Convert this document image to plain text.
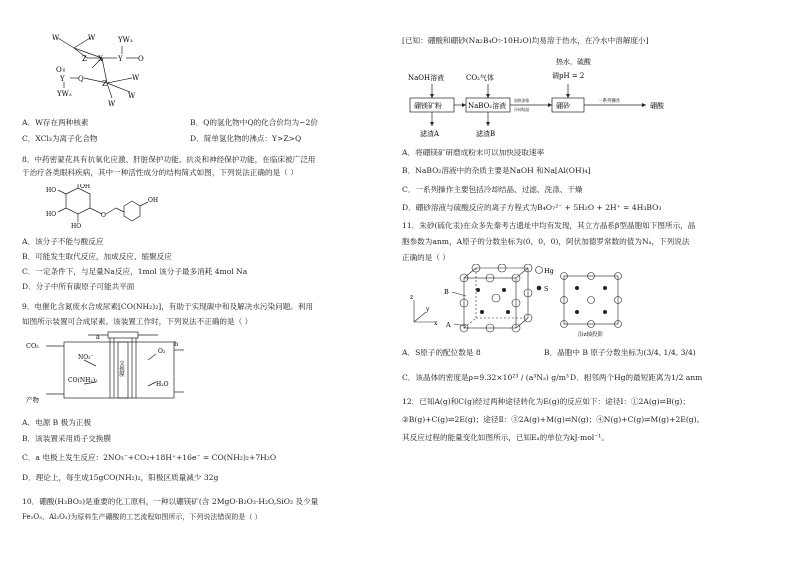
W	W
Z X Y O
YW₃
O
Y Q
Z
W
W
W
YW₃
A．W存在两种核素	B．Q的氢化物中Q的化合价均为−2价
C．XCl₃为离子化合物	D．简单氢化物的沸点：Y>Z>Q
8．中药密蒙花具有抗氧化应激、肝脏保护功能、抗炎和神经保护功能，在临床被广泛用
于治疗各类眼科疾病，其中一种活性成分的结构简式如图，下列说法正确的是（ ）
OH
HO
HO
HO
O
OH
A．该分子不能与酸反应
B．可能发生取代反应，加成反应、缩聚反应
C．一定条件下，与足量Na反应，1mol 该分子最多消耗 4mol Na
D．分子中所有碳原子可能共平面
9．电催化含氮废水合成尿素[CO(NH₂)₂]，有助于实现碳中和及解决水污染问题。利用
如图所示装置可合成尿素。该装置工作时，下列说法不正确的是（ ）
CO₂
a
NO₃⁻
CO(NH₂)₂
产物
交换膜
O₂
b
H₂O
A．电源 B 极为正极
B．该装置采用质子交换膜
C．a 电极上发生反应：2NO₃⁻+CO₂+18H⁺+16e⁻ = CO(NH₂)₂+7H₂O
D．理论上，每生成15gCO(NH₂)₂，阳极区质量减少 32g
10．硼酸(H₃BO₃)是重要的化工原料，一种以硼镁矿(含 2MgO·B₂O₃·H₂O,SiO₂ 及少量
Fe₂O₃、Al₂O₃)为原料生产硼酸的工艺流程如图所示，下列说法错误的是（ ）
[已知：硼酸和硼砂(Na₂B₄O₇·10H₂O)均易溶于热水，在冷水中溶解度小]
NaOH溶液	CO₂气体
热水，硫酸
调pH = 2
硼镁矿粉	NaBO₂溶液	硼砂
加热浓缩
冷却结晶
一系列操作
硼酸
滤渣A	滤渣B
A．将硼镁矿研磨成粉末可以加快浸取速率
B．NaBO₂溶液中的杂质主要是NaOH 和Na[Al(OH)₄]
C．一系列操作主要包括冷却结晶、过滤、洗涤、干燥
D．硼砂溶液与硫酸反应的离子方程式为B₄O₇²⁻ + 5H₂O + 2H⁺ = 4H₃BO₃
11．朱砂(硫化汞)在众多先秦考古遗址中均有发现，其立方晶系β型晶胞如下图所示，晶
胞参数为anm，A原子的分数坐标为(0，0，0)，阿伏加德罗常数的值为Nₐ，下列说法
正确的是（ ）
Hg
S
B
A
z
y
x
沿z轴投影
A．S原子的配位数是 8	B．晶胞中 B 原子分数坐标为(3/4, 1/4, 3/4)
C．该晶体的密度是ρ=9.32×10²³ / (a³Nₐ) g/m³ D．相邻两个Hg的最短距离为1/2 anm
12．已知A(g)和C(g)经过两种途径转化为E(g)的反应如下：途径Ⅰ：①2A(g)⇌B(g)；
②B(g)+C(g)⇌2E(g)；途径Ⅱ：③2A(g)+M(g)⇌N(g)；④N(g)+C(g)⇌M(g)+2E(g)。
其反应过程的能量变化如图所示，已知Eₐ的单位为kJ·mol⁻¹。
